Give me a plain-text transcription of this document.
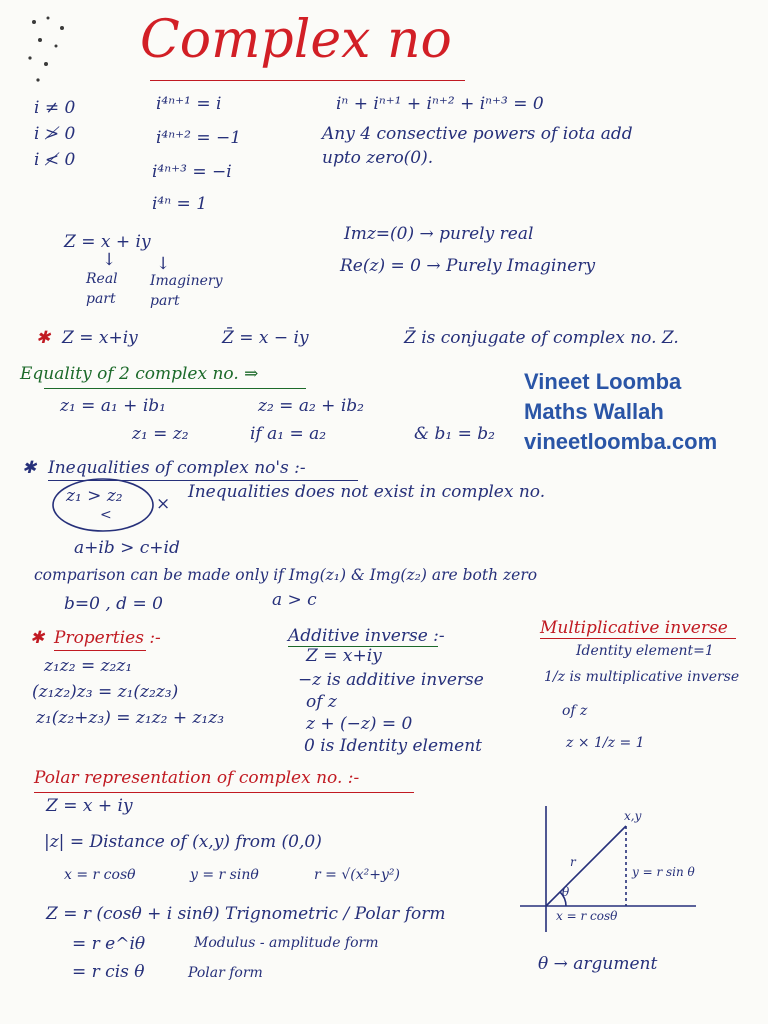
Complex no
i ≠ 0
i ≯ 0
i ≮ 0
i⁴ⁿ⁺¹ = i
i⁴ⁿ⁺² = −1
i⁴ⁿ⁺³ = −i
i⁴ⁿ = 1
iⁿ + iⁿ⁺¹ + iⁿ⁺² + iⁿ⁺³ = 0
Any 4 consective powers of iota add
upto zero(0).
Z = x + iy
↓ ↓
Real
part
Imaginery
part
Imz=(0) → purely real
Re(z) = 0 → Purely Imaginery
✱ Z = x+iy	Z̄ = x − iy	Z̄ is conjugate of complex no. Z.
Equality of 2 complex no. ⇒
z₁ = a₁ + ib₁	z₂ = a₂ + ib₂
z₁ = z₂	if a₁ = a₂	& b₁ = b₂
Vineet Loomba
Maths Wallah
vineetloomba.com
✱ Inequalities of complex no's :-
z₁ > z₂
<
×
Inequalities does not exist in complex no.
a+ib > c+id
comparison can be made only if Img(z₁) & Img(z₂) are both zero
b=0 , d = 0	a > c
✱ Properties :-
z₁z₂ = z₂z₁
(z₁z₂)z₃ = z₁(z₂z₃)
z₁(z₂+z₃) = z₁z₂ + z₁z₃
Additive inverse :-
Z = x+iy
−z is additive inverse
of z
z + (−z) = 0
0 is Identity element
Multiplicative inverse
Identity element=1
1/z is multiplicative inverse
of z
z × 1/z = 1
Polar representation of complex no. :-
Z = x + iy
|z| = Distance of (x,y) from (0,0)
x = r cosθ	y = r sinθ	r = √(x²+y²)
Z = r (cosθ + i sinθ) Trignometric / Polar form
= r e^iθ	Modulus - amplitude form
= r cis θ	Polar form	θ → argument
x,y
r
θ
y = r sin θ
x = r cosθ
